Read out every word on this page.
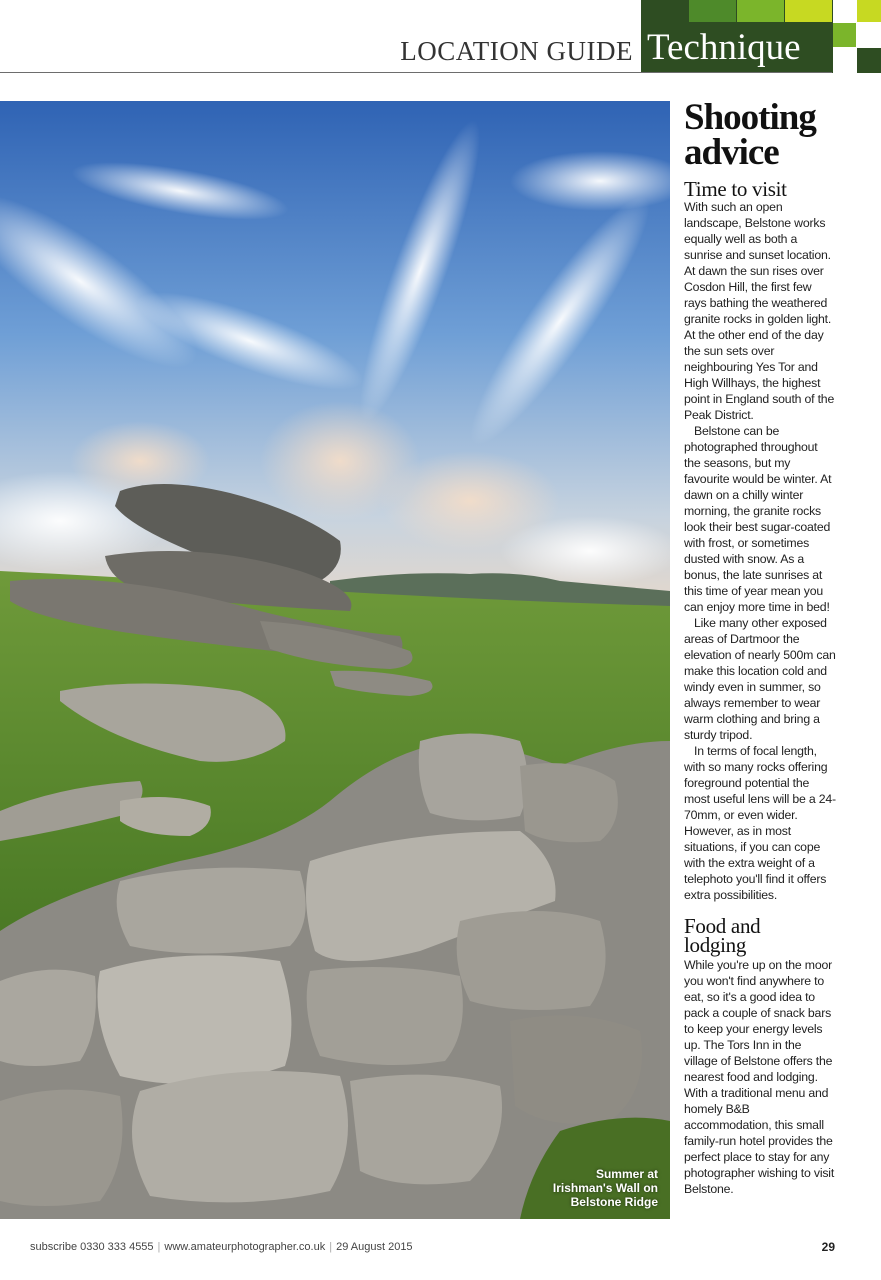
LOCATION GUIDE Technique
Summer at
Irishman's Wall on
Belstone Ridge
Shooting
advice
Time to visit

With such an open landscape, Belstone works equally well as both a sunrise and sunset location. At dawn the sun rises over Cosdon Hill, the first few rays bathing the weathered granite rocks in golden light. At the other end of the day the sun sets over neighbouring Yes Tor and High Willhays, the highest point in England south of the Peak District.

Belstone can be photographed throughout the seasons, but my favourite would be winter. At dawn on a chilly winter morning, the granite rocks look their best sugar-coated with frost, or sometimes dusted with snow. As a bonus, the late sunrises at this time of year mean you can enjoy more time in bed!

Like many other exposed areas of Dartmoor the elevation of nearly 500m can make this location cold and windy even in summer, so always remember to wear warm clothing and bring a sturdy tripod.

In terms of focal length, with so many rocks offering foreground potential the most useful lens will be a 24-70mm, or even wider. However, as in most situations, if you can cope with the extra weight of a telephoto you'll find it offers extra possibilities.

Food and
lodging

While you're up on the moor you won't find anywhere to eat, so it's a good idea to pack a couple of snack bars to keep your energy levels up. The Tors Inn in the village of Belstone offers the nearest food and lodging. With a traditional menu and homely B&B accommodation, this small family-run hotel provides the perfect place to stay for any photographer wishing to visit Belstone.

subscribe 0330 333 4555 | www.amateurphotographer.co.uk | 29 August 2015	29
